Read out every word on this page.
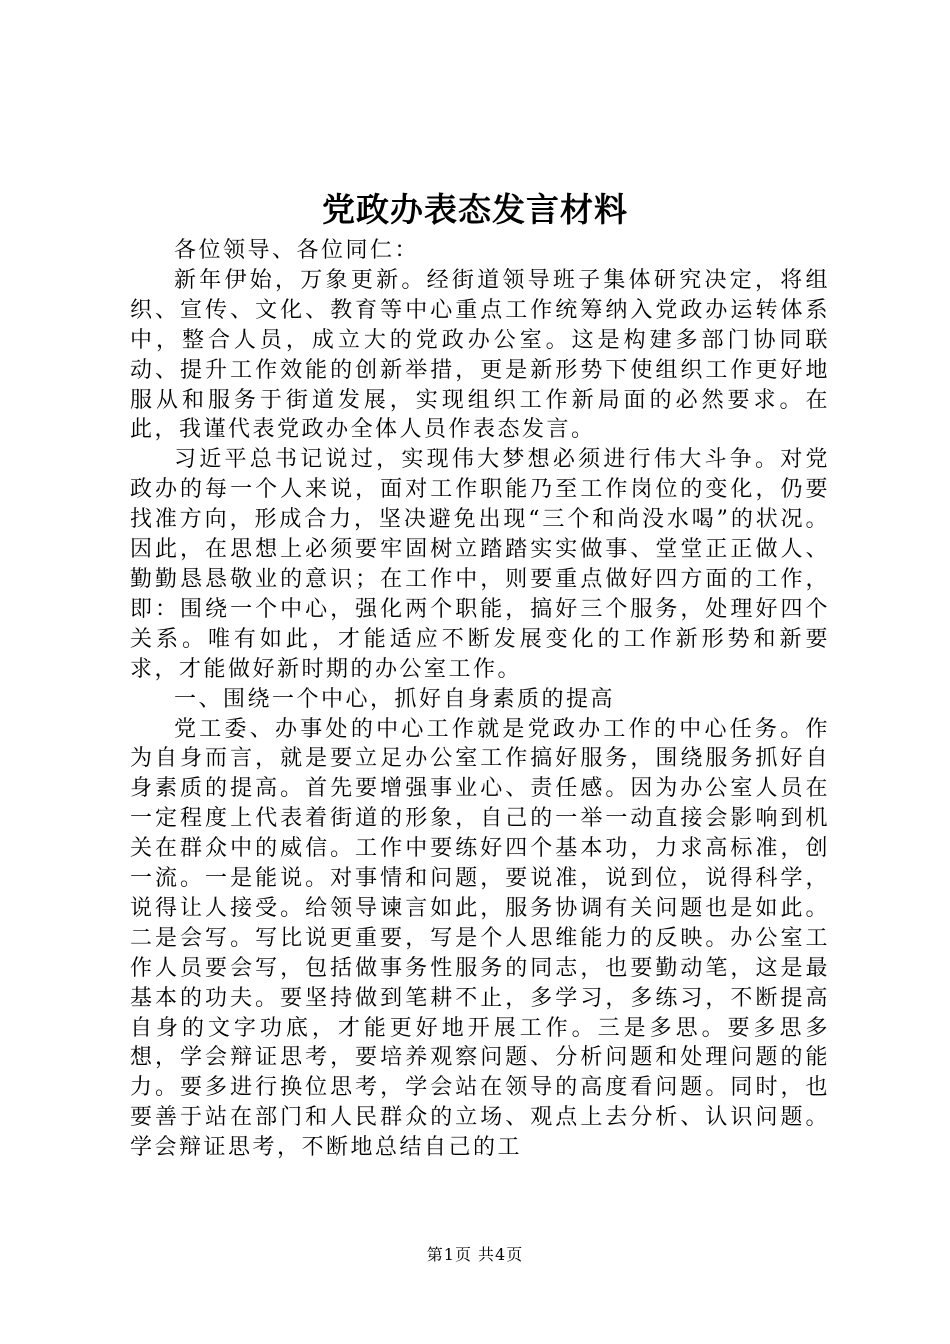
党政办表态发言材料

各位领导、各位同仁：

新年伊始，万象更新。经街道领导班子集体研究决定，将组织、宣传、文化、教育等中心重点工作统筹纳入党政办运转体系中，整合人员，成立大的党政办公室。这是构建多部门协同联动、提升工作效能的创新举措，更是新形势下使组织工作更好地服从和服务于街道发展，实现组织工作新局面的必然要求。在此，我谨代表党政办全体人员作表态发言。

习近平总书记说过，实现伟大梦想必须进行伟大斗争。对党政办的每一个人来说，面对工作职能乃至工作岗位的变化，仍要找准方向，形成合力，坚决避免出现“三个和尚没水喝”的状况。因此，在思想上必须要牢固树立踏踏实实做事、堂堂正正做人、勤勤恳恳敬业的意识；在工作中，则要重点做好四方面的工作，即：围绕一个中心，强化两个职能，搞好三个服务，处理好四个关系。唯有如此，才能适应不断发展变化的工作新形势和新要求，才能做好新时期的办公室工作。

一、围绕一个中心，抓好自身素质的提高

党工委、办事处的中心工作就是党政办工作的中心任务。作为自身而言，就是要立足办公室工作搞好服务，围绕服务抓好自身素质的提高。首先要增强事业心、责任感。因为办公室人员在一定程度上代表着街道的形象，自己的一举一动直接会影响到机关在群众中的威信。工作中要练好四个基本功，力求高标准，创一流。一是能说。对事情和问题，要说准，说到位，说得科学，说得让人接受。给领导谏言如此，服务协调有关问题也是如此。二是会写。写比说更重要，写是个人思维能力的反映。办公室工作人员要会写，包括做事务性服务的同志，也要勤动笔，这是最基本的功夫。要坚持做到笔耕不止，多学习，多练习，不断提高自身的文字功底，才能更好地开展工作。三是多思。要多思多想，学会辩证思考，要培养观察问题、分析问题和处理问题的能力。要多进行换位思考，学会站在领导的高度看问题。同时，也要善于站在部门和人民群众的立场、观点上去分析、认识问题。学会辩证思考，不断地总结自己的工

第1页 共4页
